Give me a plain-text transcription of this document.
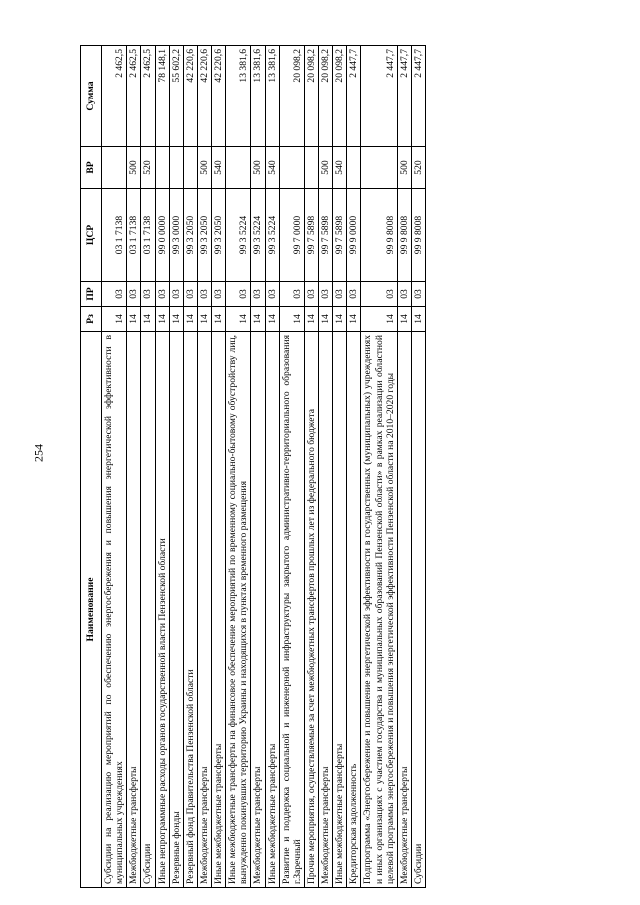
254
Наименование	Рз	ПР	ЦСР	ВР	Сумма
Субсидии на реализацию мероприятий по обеспечению энергосбережения и повышения энергетической эффективности в муниципальных учреждениях	14	03	03 1 7138		2 462,5
Межбюджетные трансферты	14	03	03 1 7138	500	2 462,5
Субсидии	14	03	03 1 7138	520	2 462,5
Иные непрограммные расходы органов государственной власти Пензенской области	14	03	99 0 0000		78 148,1
Резервные фонды	14	03	99 3 0000		55 602,2
Резервный фонд Правительства Пензенской области	14	03	99 3 2050		42 220,6
Межбюджетные трансферты	14	03	99 3 2050	500	42 220,6
Иные межбюджетные трансферты	14	03	99 3 2050	540	42 220,6
Иные межбюджетные трансферты на финансовое обеспечение мероприятий по временному социально-бытовому обустройству лиц, вынужденно покинувших территорию Украины и находящихся в пунктах временного размещения	14	03	99 3 5224		13 381,6
Межбюджетные трансферты	14	03	99 3 5224	500	13 381,6
Иные межбюджетные трансферты	14	03	99 3 5224	540	13 381,6
Развитие и поддержка социальной и инженерной инфраструктуры закрытого административно-территориального образования г.Заречный	14	03	99 7 0000		20 098,2
Прочие мероприятия, осуществляемые за счет межбюджетных трансфертов прошлых лет из федерального бюджета	14	03	99 7 5898		20 098,2
Межбюджетные трансферты	14	03	99 7 5898	500	20 098,2
Иные межбюджетные трансферты	14	03	99 7 5898	540	20 098,2
Кредиторская задолженность	14	03	99 9 0000		2 447,7
Подпрограмма «Энергосбережение и повышение энергетической эффективности в государственных (муниципальных) учреждениях и иных организациях с участием государства и муниципальных образований Пензенской области» в рамках реализации областной целевой программы энергосбережения и повышения энергетической эффективности Пензенской области на 2010–2020 годы	14	03	99 9 8008		2 447,7
Межбюджетные трансферты	14	03	99 9 8008	500	2 447,7
Субсидии	14	03	99 9 8008	520	2 447,7
